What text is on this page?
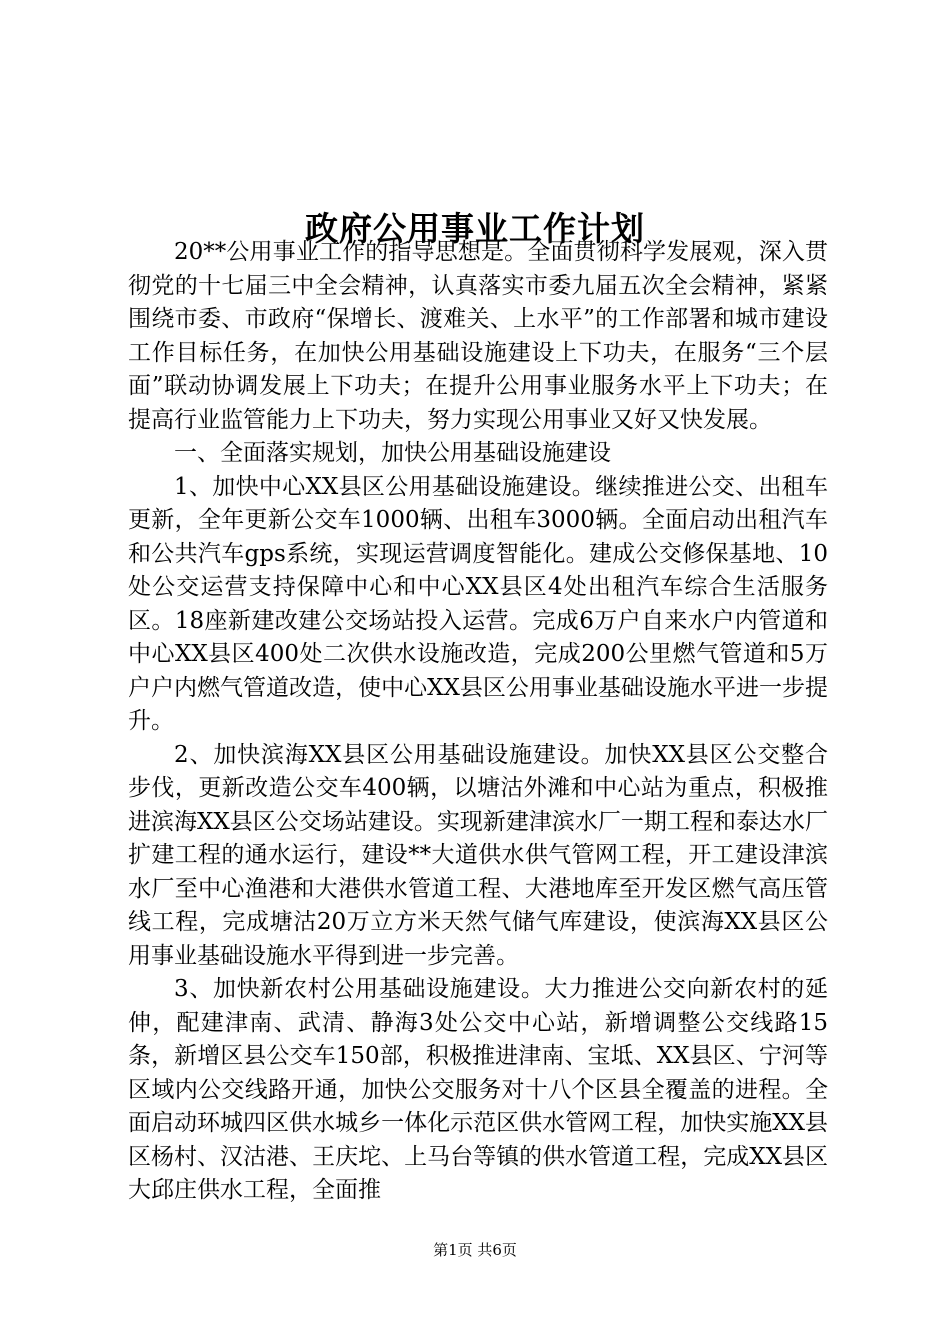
政府公用事业工作计划

20**公用事业工作的指导思想是。全面贯彻科学发展观，深入贯彻党的十七届三中全会精神，认真落实市委九届五次全会精神，紧紧围绕市委、市政府“保增长、渡难关、上水平”的工作部署和城市建设工作目标任务，在加快公用基础设施建设上下功夫，在服务“三个层面”联动协调发展上下功夫；在提升公用事业服务水平上下功夫；在提高行业监管能力上下功夫，努力实现公用事业又好又快发展。

一、全面落实规划，加快公用基础设施建设

1、加快中心XX县区公用基础设施建设。继续推进公交、出租车更新，全年更新公交车1000辆、出租车3000辆。全面启动出租汽车和公共汽车gps系统，实现运营调度智能化。建成公交修保基地、10处公交运营支持保障中心和中心XX县区4处出租汽车综合生活服务区。18座新建改建公交场站投入运营。完成6万户自来水户内管道和中心XX县区400处二次供水设施改造，完成200公里燃气管道和5万户户内燃气管道改造，使中心XX县区公用事业基础设施水平进一步提升。

2、加快滨海XX县区公用基础设施建设。加快XX县区公交整合步伐，更新改造公交车400辆，以塘沽外滩和中心站为重点，积极推进滨海XX县区公交场站建设。实现新建津滨水厂一期工程和泰达水厂扩建工程的通水运行，建设**大道供水供气管网工程，开工建设津滨水厂至中心渔港和大港供水管道工程、大港地库至开发区燃气高压管线工程，完成塘沽20万立方米天然气储气库建设，使滨海XX县区公用事业基础设施水平得到进一步完善。

3、加快新农村公用基础设施建设。大力推进公交向新农村的延伸，配建津南、武清、静海3处公交中心站，新增调整公交线路15条，新增区县公交车150部，积极推进津南、宝坻、XX县区、宁河等区域内公交线路开通，加快公交服务对十八个区县全覆盖的进程。全面启动环城四区供水城乡一体化示范区供水管网工程，加快实施XX县区杨村、汉沽港、王庆坨、上马台等镇的供水管道工程，完成XX县区大邱庄供水工程，全面推

第1页 共6页
